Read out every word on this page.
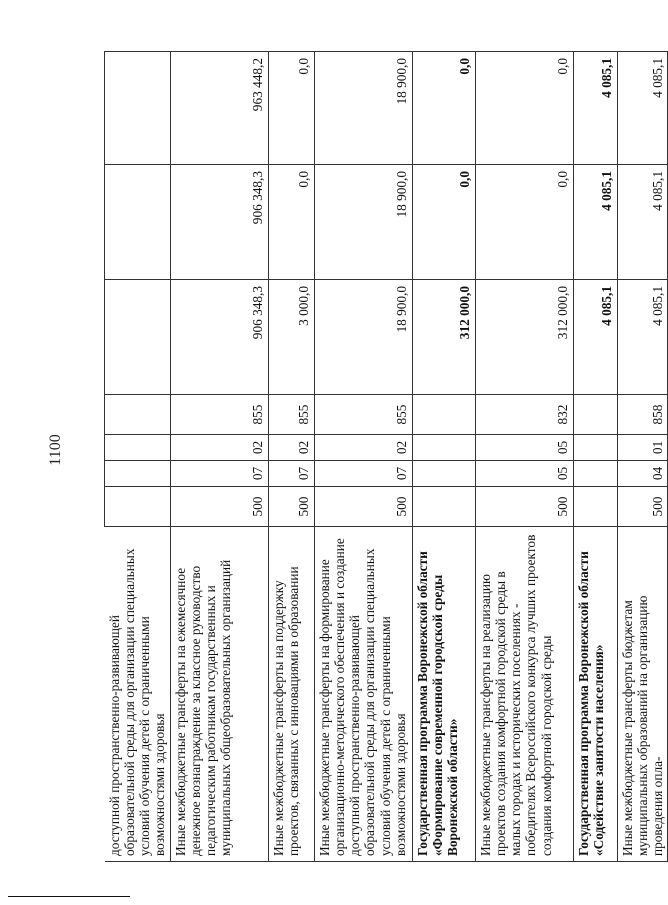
1100
доступной пространственно-развивающей образовательной среды для организации специальных условий обучения детей с ограниченными возможностями здоровья							
Иные межбюджетные трансферты на ежемесячное денежное вознаграждение за классное руководство педагогическим работникам государственных и муниципальных общеобразовательных организаций	500	07	02	855	906 348,3	906 348,3	963 448,2
Иные межбюджетные трансферты на поддержку проектов, связанных с инновациями в образовании	500	07	02	855	3 000,0	0,0	0,0
Иные межбюджетные трансферты на формирование организационно-методического обеспечения и создание доступной пространственно-развивающей образовательной среды для организации специальных условий обучения детей с ограниченными возможностями здоровья	500	07	02	855	18 900,0	18 900,0	18 900,0
Государственная программа Воронежской области «Формирование современной городской среды Воронежской области»					312 000,0	0,0	0,0
Иные межбюджетные трансферты на реализацию проектов создания комфортной городской среды в малых городах и исторических поселениях - победителях Всероссийского конкурса лучших проектов создания комфортной городской среды	500	05	05	832	312 000,0	0,0	0,0
Государственная программа Воронежской области «Содействие занятости населения»					4 085,1	4 085,1	4 085,1
Иные межбюджетные трансферты бюджетам муниципальных образований на организацию проведения опла-	500	04	01	858	4 085,1	4 085,1	4 085,1
